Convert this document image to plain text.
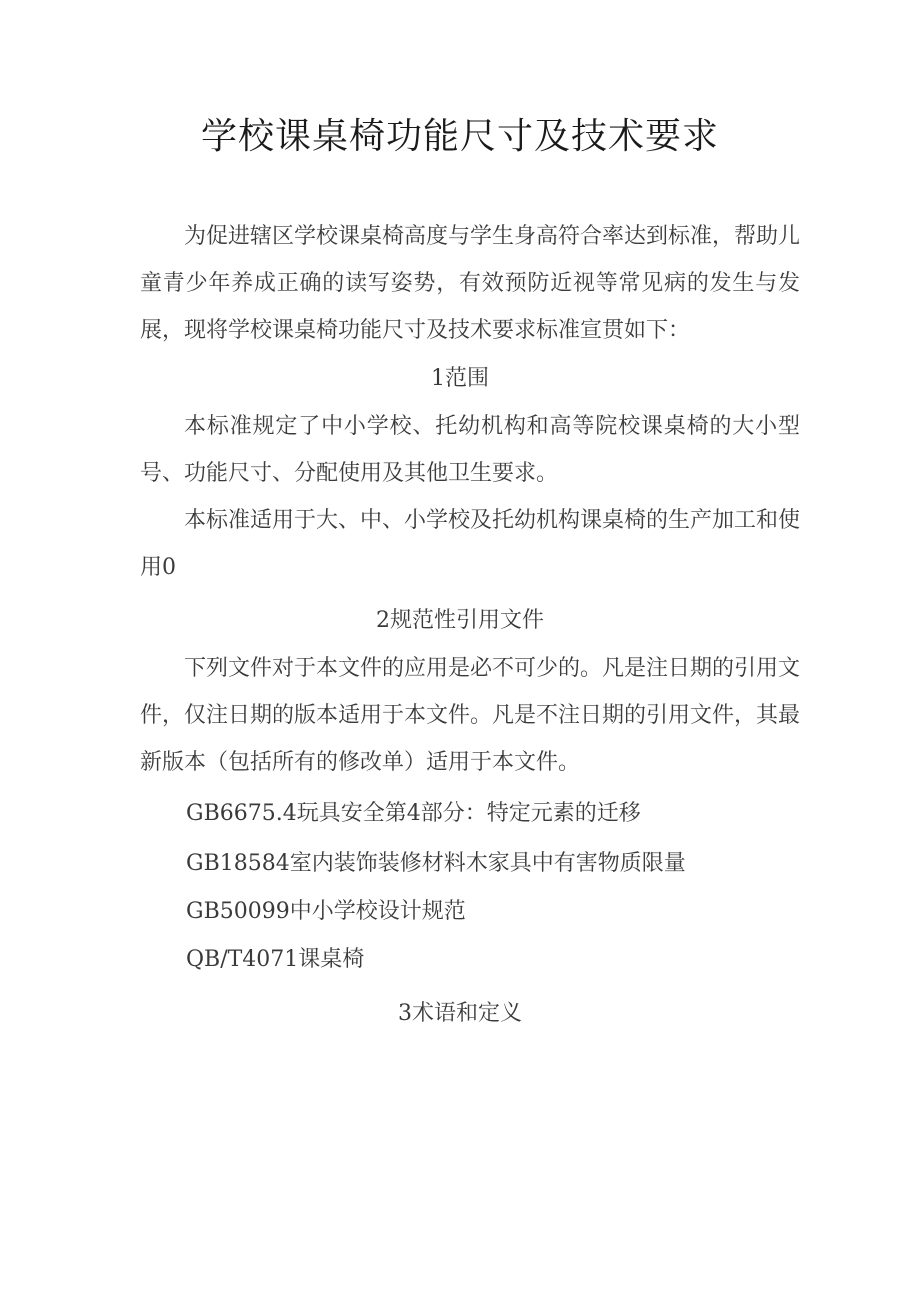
学校课桌椅功能尺寸及技术要求

为促进辖区学校课桌椅高度与学生身高符合率达到标准，帮助儿童青少年养成正确的读写姿势，有效预防近视等常见病的发生与发展，现将学校课桌椅功能尺寸及技术要求标准宣贯如下：

1范围

本标准规定了中小学校、托幼机构和高等院校课桌椅的大小型号、功能尺寸、分配使用及其他卫生要求。

本标准适用于大、中、小学校及托幼机构课桌椅的生产加工和使用0

2规范性引用文件

下列文件对于本文件的应用是必不可少的。凡是注日期的引用文件，仅注日期的版本适用于本文件。凡是不注日期的引用文件，其最新版本（包括所有的修改单）适用于本文件。

GB6675.4玩具安全第4部分：特定元素的迁移
GB18584室内装饰装修材料木家具中有害物质限量
GB50099中小学校设计规范
QB/T4071课桌椅
3术语和定义
